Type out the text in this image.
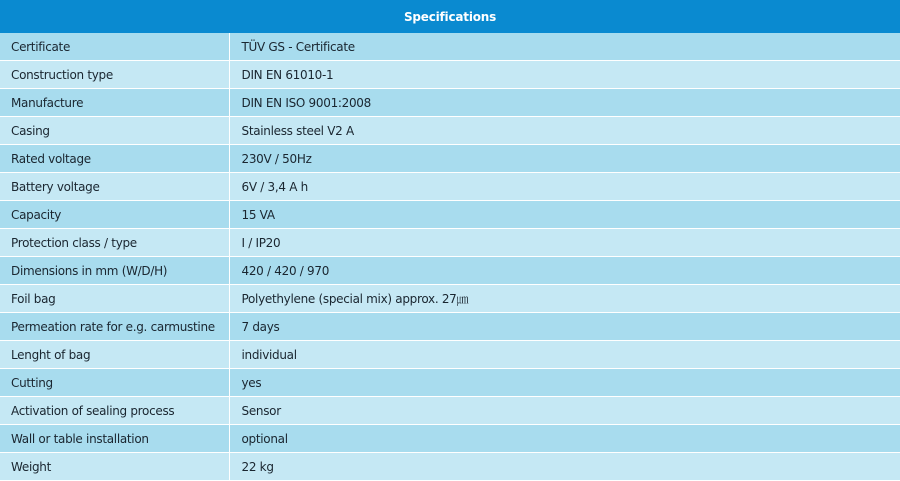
Specifications	
Certificate	TÜV GS - Certificate
Construction type	DIN EN 61010-1
Manufacture	DIN EN ISO 9001:2008
Casing	Stainless steel V2 A
Rated voltage	230V / 50Hz
Battery voltage	6V / 3,4 A h
Capacity	15 VA
Protection class / type	I / IP20
Dimensions in mm (W/D/H)	420 / 420 / 970
Foil bag	Polyethylene (special mix) approx. 27㎛
Permeation rate for e.g. carmustine	7 days
Lenght of bag	individual
Cutting	yes
Activation of sealing process	Sensor
Wall or table installation	optional
Weight	22 kg
